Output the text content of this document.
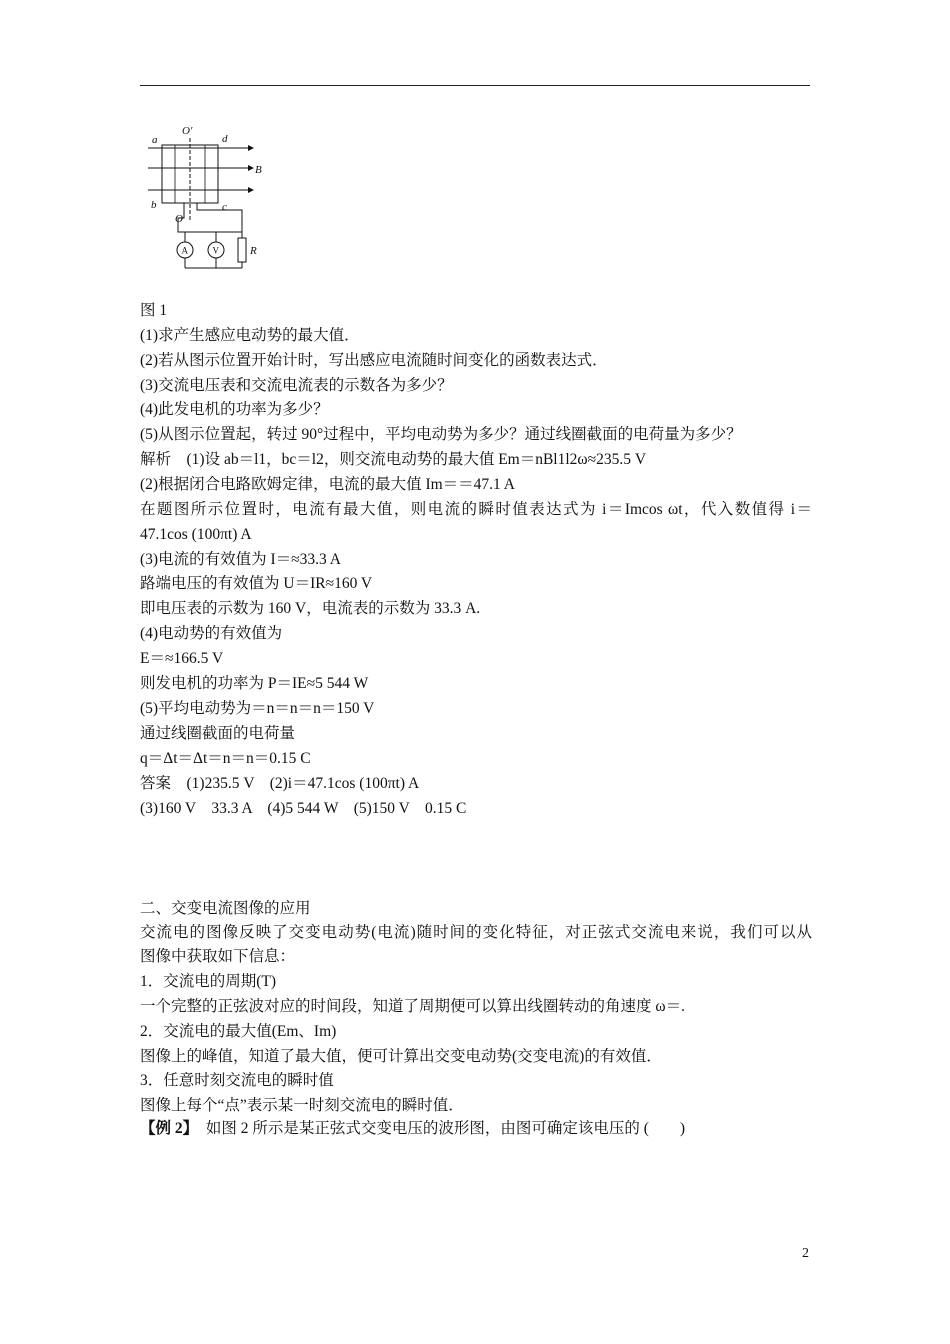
a
O′
d
B
b
O
c
A	V	R
图 1
(1)求产生感应电动势的最大值．
(2)若从图示位置开始计时，写出感应电流随时间变化的函数表达式．
(3)交流电压表和交流电流表的示数各为多少？
(4)此发电机的功率为多少？
(5)从图示位置起，转过 90°过程中，平均电动势为多少？通过线圈截面的电荷量为多少？
解析　(1)设 ab＝l1，bc＝l2，则交流电动势的最大值 Em＝nBl1l2ω≈235.5 V
(2)根据闭合电路欧姆定律，电流的最大值 Im＝＝47.1 A
在题图所示位置时，电流有最大值，则电流的瞬时值表达式为 i＝Imcos ωt，代入数值得 i＝
47.1cos (100πt) A
(3)电流的有效值为 I＝≈33.3 A
路端电压的有效值为 U＝IR≈160 V
即电压表的示数为 160 V，电流表的示数为 33.3 A.
(4)电动势的有效值为
E＝≈166.5 V
则发电机的功率为 P＝IE≈5 544 W
(5)平均电动势为＝n＝n＝n＝150 V
通过线圈截面的电荷量
q＝Δt＝Δt＝n＝n＝0.15 C
答案　(1)235.5 V　(2)i＝47.1cos (100πt) A
(3)160 V　33.3 A　(4)5 544 W　(5)150 V　0.15 C
二、交变电流图像的应用
交流电的图像反映了交变电动势(电流)随时间的变化特征，对正弦式交流电来说，我们可以从
图像中获取如下信息：
1．交流电的周期(T)
一个完整的正弦波对应的时间段，知道了周期便可以算出线圈转动的角速度 ω＝.
2．交流电的最大值(Em、Im)
图像上的峰值，知道了最大值，便可计算出交变电动势(交变电流)的有效值．
3．任意时刻交流电的瞬时值
图像上每个“点”表示某一时刻交流电的瞬时值．
【例 2】　如图 2 所示是某正弦式交变电压的波形图，由图可确定该电压的 (　　)
2
